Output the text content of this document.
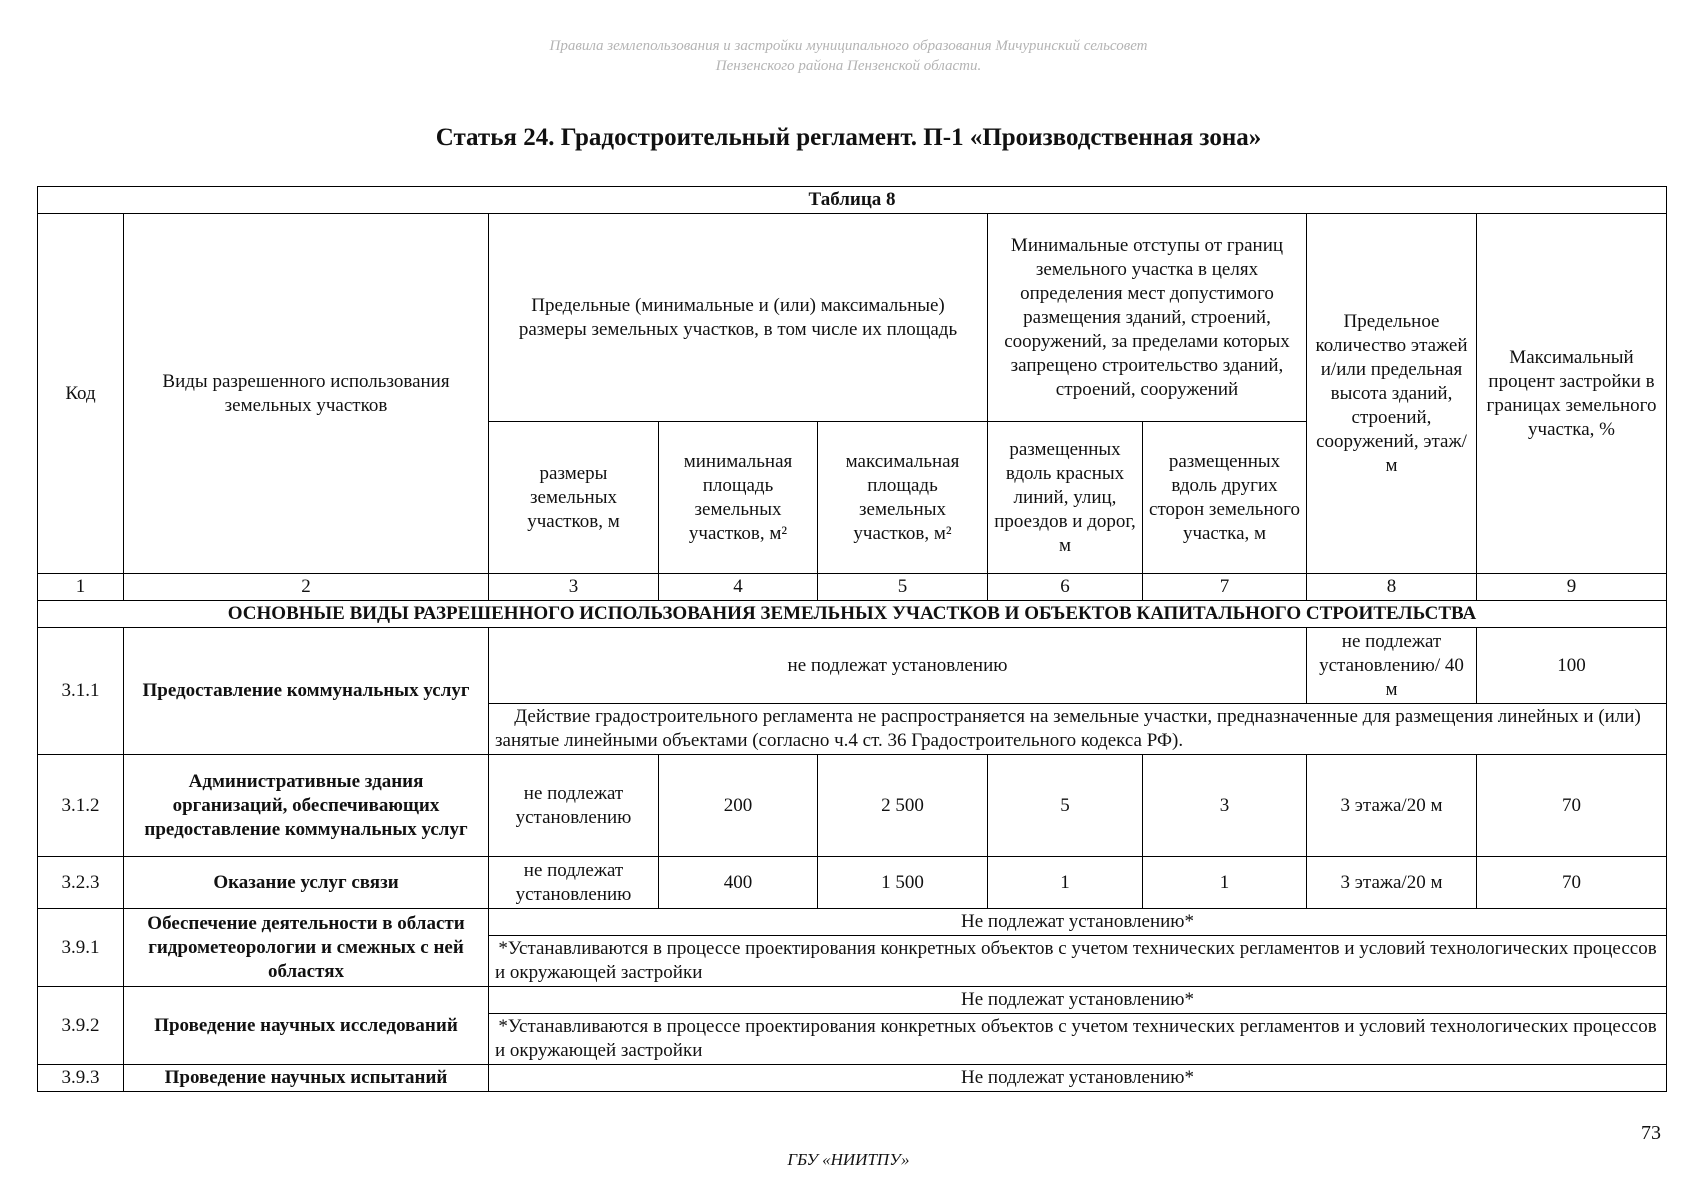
Правила землепользования и застройки муниципального образования Мичуринский сельсовет
Пензенского района Пензенской области.
Статья 24. Градостроительный регламент. П-1 «Производственная зона»
Таблица 8								
Код	Виды разрешенного использования земельных участков	Предельные (минимальные и (или) максимальные) размеры земельных участков, в том числе их площадь			Минимальные отступы от границ земельного участка в целях определения мест допустимого размещения зданий, строений, сооружений, за пределами которых запрещено строительство зданий, строений, сооружений		Предельное количество этажей и/или предельная высота зданий, строений, сооружений, этаж/м	Максимальный процент застройки в границах земельного участка, %
		размеры земельных участков, м	минимальная площадь земельных участков, м²	максимальная площадь земельных участков, м²	размещенных вдоль красных линий, улиц, проездов и дорог, м	размещенных вдоль других сторон земельного участка, м		
1	2	3	4	5	6	7	8	9
ОСНОВНЫЕ ВИДЫ РАЗРЕШЕННОГО ИСПОЛЬЗОВАНИЯ ЗЕМЕЛЬНЫХ УЧАСТКОВ И ОБЪЕКТОВ КАПИТАЛЬНОГО СТРОИТЕЛЬСТВА								
3.1.1	Предоставление коммунальных услуг	не подлежат установлению					не подлежат установлению/ 40 м	100
		Действие градостроительного регламента не распространяется на земельные участки, предназначенные для размещения линейных и (или) занятые линейными объектами (согласно ч.4 ст. 36 Градостроительного кодекса РФ).						
3.1.2	Административные здания организаций, обеспечивающих предоставление коммунальных услуг	не подлежат установлению	200	2 500	5	3	3 этажа/20 м	70
3.2.3	Оказание услуг связи	не подлежат установлению	400	1 500	1	1	3 этажа/20 м	70
3.9.1	Обеспечение деятельности в области гидрометеорологии и смежных с ней областях	Не подлежат установлению*						
		*Устанавливаются в процессе проектирования конкретных объектов с учетом технических регламентов и условий технологических процессов и окружающей застройки						
3.9.2	Проведение научных исследований	Не подлежат установлению*						
		*Устанавливаются в процессе проектирования конкретных объектов с учетом технических регламентов и условий технологических процессов и окружающей застройки						
3.9.3	Проведение научных испытаний	Не подлежат установлению*						
73
ГБУ «НИИТПУ»
